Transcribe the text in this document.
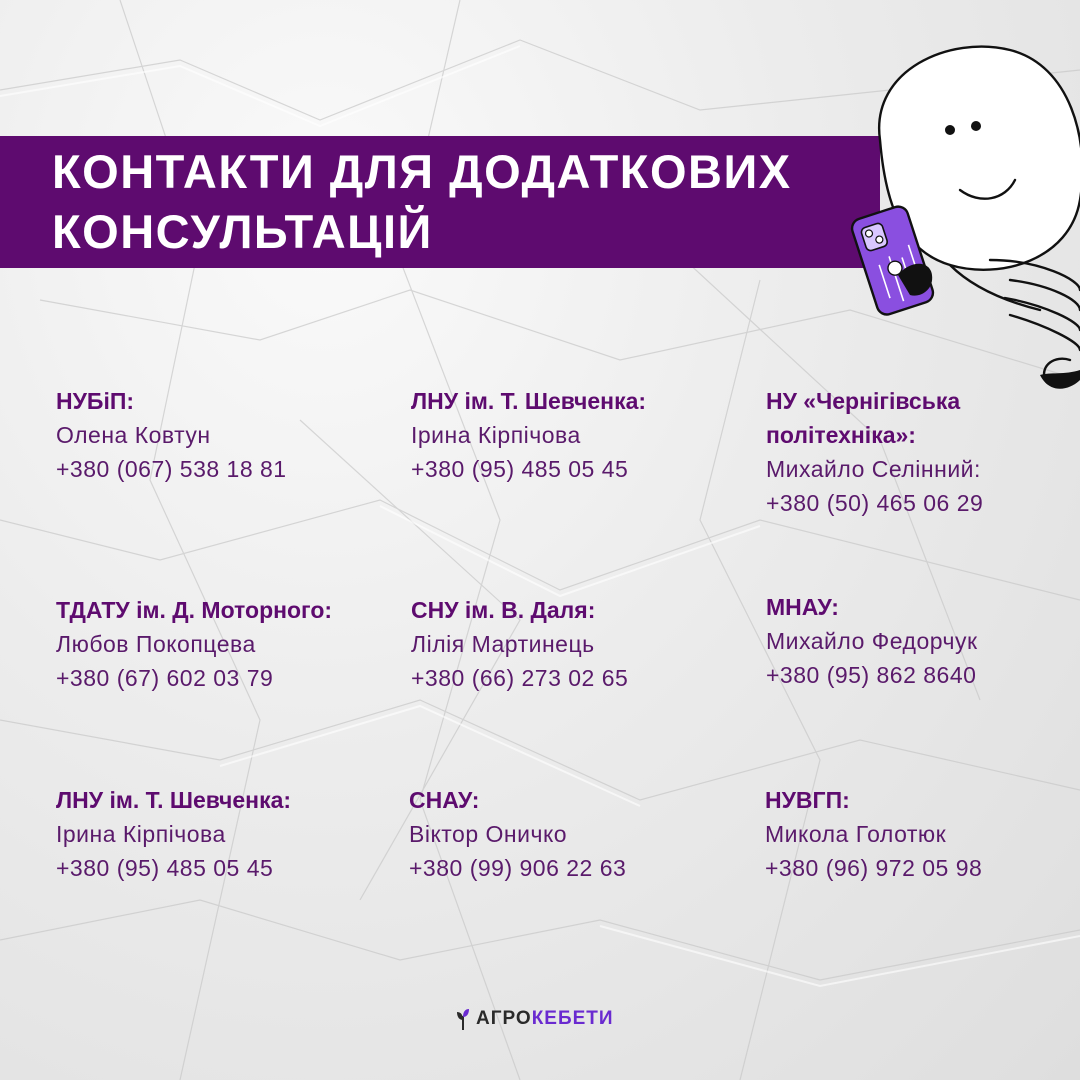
КОНТАКТИ ДЛЯ ДОДАТКОВИХ
КОНСУЛЬТАЦІЙ
НУБіП:
Олена Ковтун
+380 (067) 538 18 81
ЛНУ ім. Т. Шевченка:
Ірина Кірпічова
+380 (95) 485 05 45
НУ «Чернігівська
політехніка»:
Михайло Селінний:
+380 (50) 465 06 29
ТДАТУ ім. Д. Моторного:
Любов Покопцева
+380 (67) 602 03 79
СНУ ім. В. Даля:
Лілія Мартинець
+380 (66) 273 02 65
МНАУ:
Михайло Федорчук
+380 (95) 862 8640
ЛНУ ім. Т. Шевченка:
Ірина Кірпічова
+380 (95) 485 05 45
СНАУ:
Віктор Оничко
+380 (99) 906 22 63
НУВГП:
Микола Голотюк
+380 (96) 972 05 98
АГРОКЕБЕТИ
